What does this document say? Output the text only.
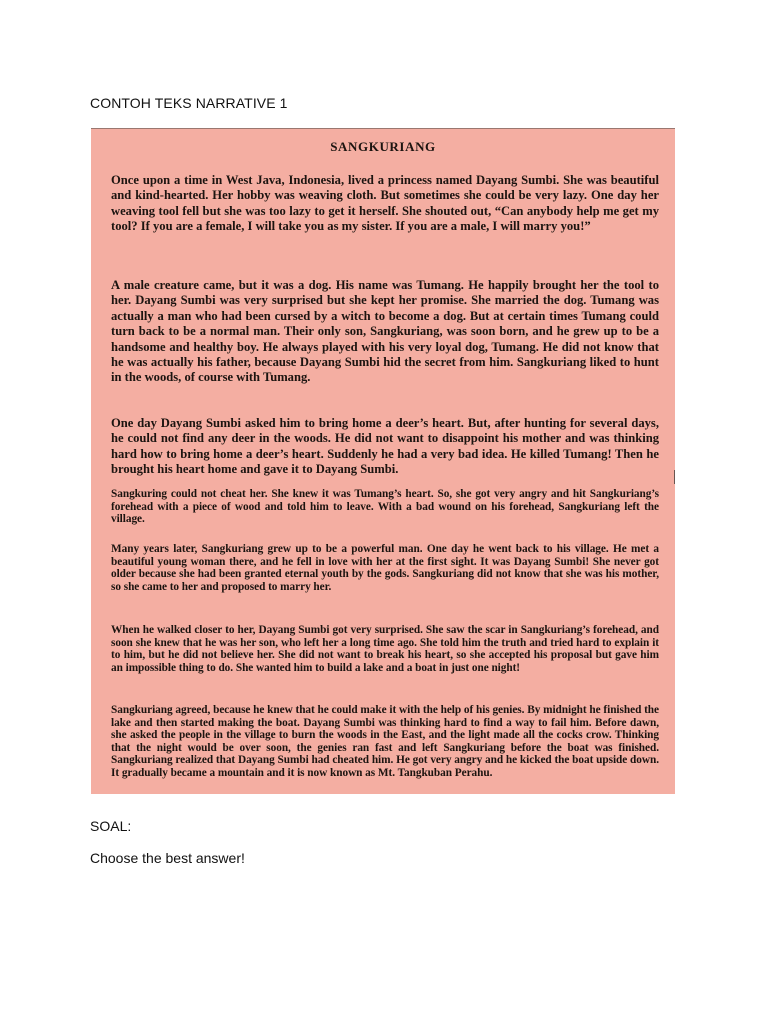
CONTOH TEKS NARRATIVE 1
SANGKURIANG

Once upon a time in West Java, Indonesia, lived a princess named Dayang Sumbi. She was beautiful and kind-hearted. Her hobby was weaving cloth. But sometimes she could be very lazy. One day her weaving tool fell but she was too lazy to get it herself. She shouted out, “Can anybody help me get my tool? If you are a female, I will take you as my sister. If you are a male, I will marry you!”

A male creature came, but it was a dog. His name was Tumang. He happily brought her the tool to her. Dayang Sumbi was very surprised but she kept her promise. She married the dog. Tumang was actually a man who had been cursed by a witch to become a dog. But at certain times Tumang could turn back to be a normal man. Their only son, Sangkuriang, was soon born, and he grew up to be a handsome and healthy boy. He always played with his very loyal dog, Tumang. He did not know that he was actually his father, because Dayang Sumbi hid the secret from him. Sangkuriang liked to hunt in the woods, of course with Tumang.

One day Dayang Sumbi asked him to bring home a deer’s heart. But, after hunting for several days, he could not find any deer in the woods. He did not want to disappoint his mother and was thinking hard how to bring home a deer’s heart. Suddenly he had a very bad idea. He killed Tumang! Then he brought his heart home and gave it to Dayang Sumbi.

Sangkuring could not cheat her. She knew it was Tumang’s heart. So, she got very angry and hit Sangkuriang’s forehead with a piece of wood and told him to leave. With a bad wound on his forehead, Sangkuriang left the village.

Many years later, Sangkuriang grew up to be a powerful man. One day he went back to his village. He met a beautiful young woman there, and he fell in love with her at the first sight. It was Dayang Sumbi! She never got older because she had been granted eternal youth by the gods. Sangkuriang did not know that she was his mother, so she came to her and proposed to marry her.

When he walked closer to her, Dayang Sumbi got very surprised. She saw the scar in Sangkuriang’s forehead, and soon she knew that he was her son, who left her a long time ago. She told him the truth and tried hard to explain it to him, but he did not believe her. She did not want to break his heart, so she accepted his proposal but gave him an impossible thing to do. She wanted him to build a lake and a boat in just one night!

Sangkuriang agreed, because he knew that he could make it with the help of his genies. By midnight he finished the lake and then started making the boat. Dayang Sumbi was thinking hard to find a way to fail him. Before dawn, she asked the people in the village to burn the woods in the East, and the light made all the cocks crow. Thinking that the night would be over soon, the genies ran fast and left Sangkuriang before the boat was finished. Sangkuriang realized that Dayang Sumbi had cheated him. He got very angry and he kicked the boat upside down. It gradually became a mountain and it is now known as Mt. Tangkuban Perahu.

SOAL:
Choose the best answer!
